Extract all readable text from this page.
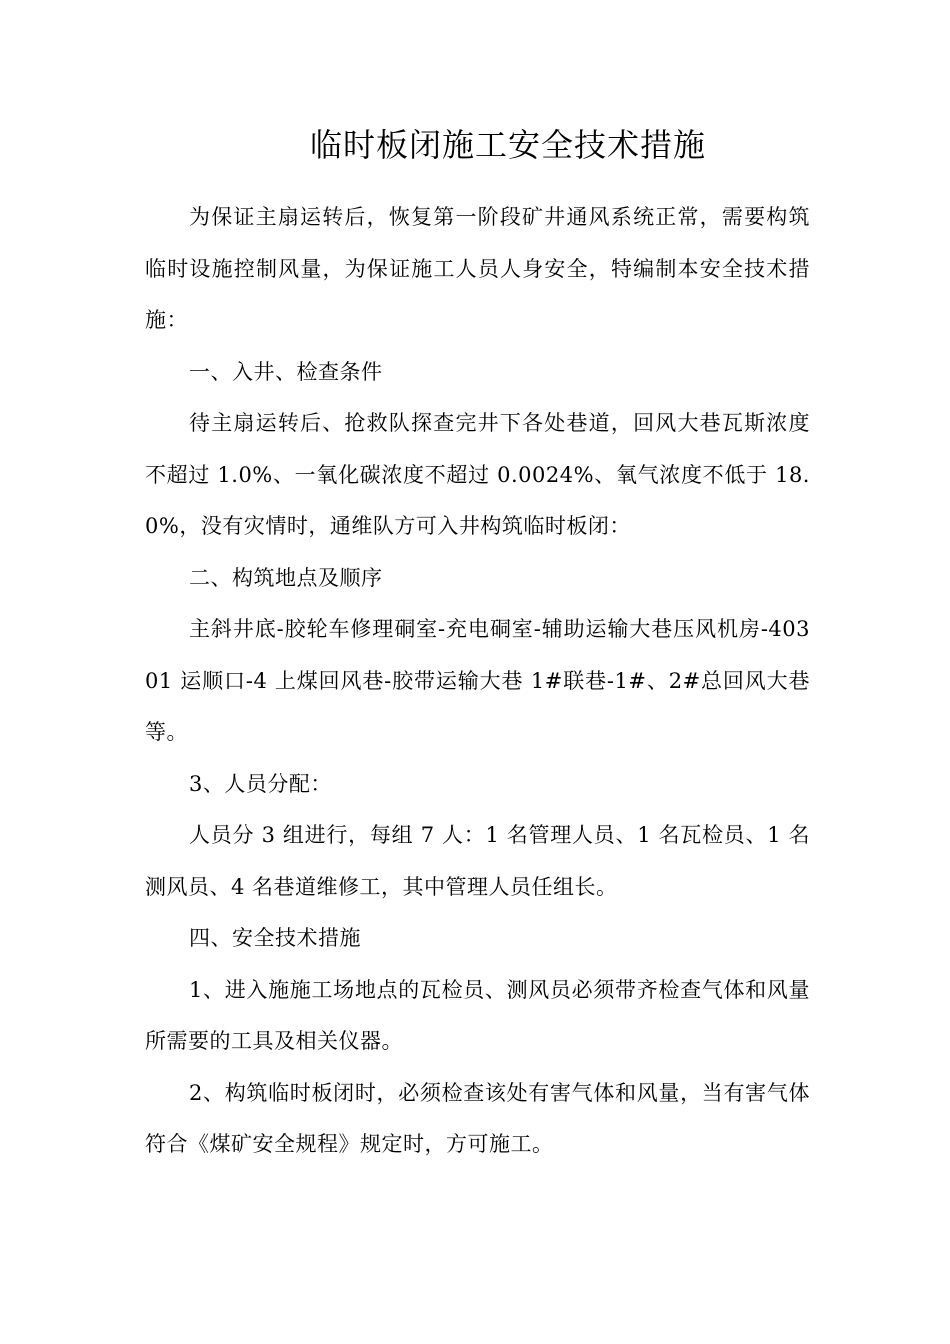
临时板闭施工安全技术措施

为保证主扇运转后，恢复第一阶段矿井通风系统正常，需要构筑临时设施控制风量，为保证施工人员人身安全，特编制本安全技术措施：

一、入井、检查条件

待主扇运转后、抢救队探查完井下各处巷道，回风大巷瓦斯浓度不超过 1.0%、一氧化碳浓度不超过 0.0024%、氧气浓度不低于 18.0%，没有灾情时，通维队方可入井构筑临时板闭：

二、构筑地点及顺序

主斜井底-胶轮车修理硐室-充电硐室-辅助运输大巷压风机房-40301 运顺口-4 上煤回风巷-胶带运输大巷 1#联巷-1#、2#总回风大巷等。

3、人员分配：

人员分 3 组进行，每组 7 人：1 名管理人员、1 名瓦检员、1 名测风员、4 名巷道维修工，其中管理人员任组长。

四、安全技术措施

1、进入施施工场地点的瓦检员、测风员必须带齐检查气体和风量所需要的工具及相关仪器。

2、构筑临时板闭时，必须检查该处有害气体和风量，当有害气体符合《煤矿安全规程》规定时，方可施工。
